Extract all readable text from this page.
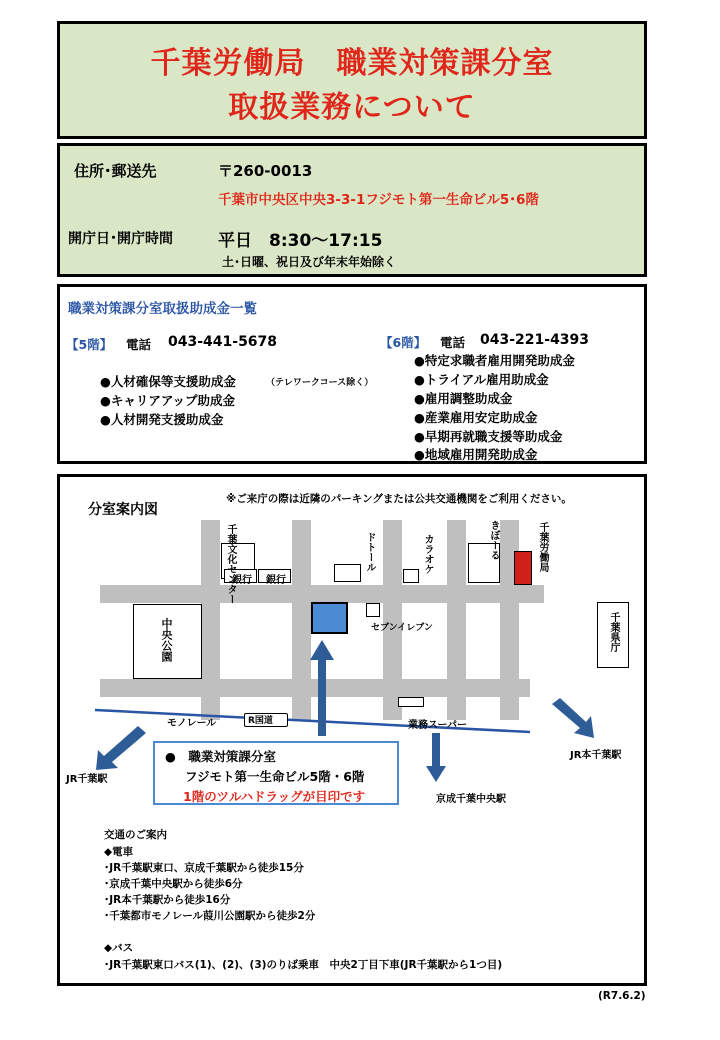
千葉労働局　職業対策課分室
取扱業務について
住所･郵送先	〒260-0013
千葉市中央区中央3-3-1フジモト第一生命ビル5･6階
開庁日･開庁時間	平日　8:30～17:15
土･日曜、祝日及び年末年始除く
職業対策課分室取扱助成金一覧
【5階】 電話 043-441-5678
●人材確保等支援助成金	（テレワークコース除く）
●キャリアアップ助成金
●人材開発支援助成金
【6階】 電話 043-221-4393
●特定求職者雇用開発助成金
●トライアル雇用助成金
●雇用調整助成金
●産業雇用安定助成金
●早期再就職支援等助成金
●地域雇用開発助成金
分室案内図
※ご来庁の際は近隣のパーキングまたは公共交通機関をご利用ください。
R国道
千葉文化センター
銀行 銀行
ドトール	カラオケ	きぼーる	千葉労働局
中央公園	セブンイレブン	千葉県庁
モノレール	業務スーパー
JR千葉駅
JR本千葉駅
京成千葉中央駅
●　職業対策課分室
フジモト第一生命ビル5階・6階
1階のツルハドラッグが目印です
交通のご案内
◆電車
･JR千葉駅東口、京成千葉駅から徒歩15分
･京成千葉中央駅から徒歩6分
･JR本千葉駅から徒歩16分
･千葉都市モノレール葭川公園駅から徒歩2分
◆バス
･JR千葉駅東口バス(1)、(2)、(3)のりば乗車　中央2丁目下車(JR千葉駅から1つ目)
(R7.6.2)
